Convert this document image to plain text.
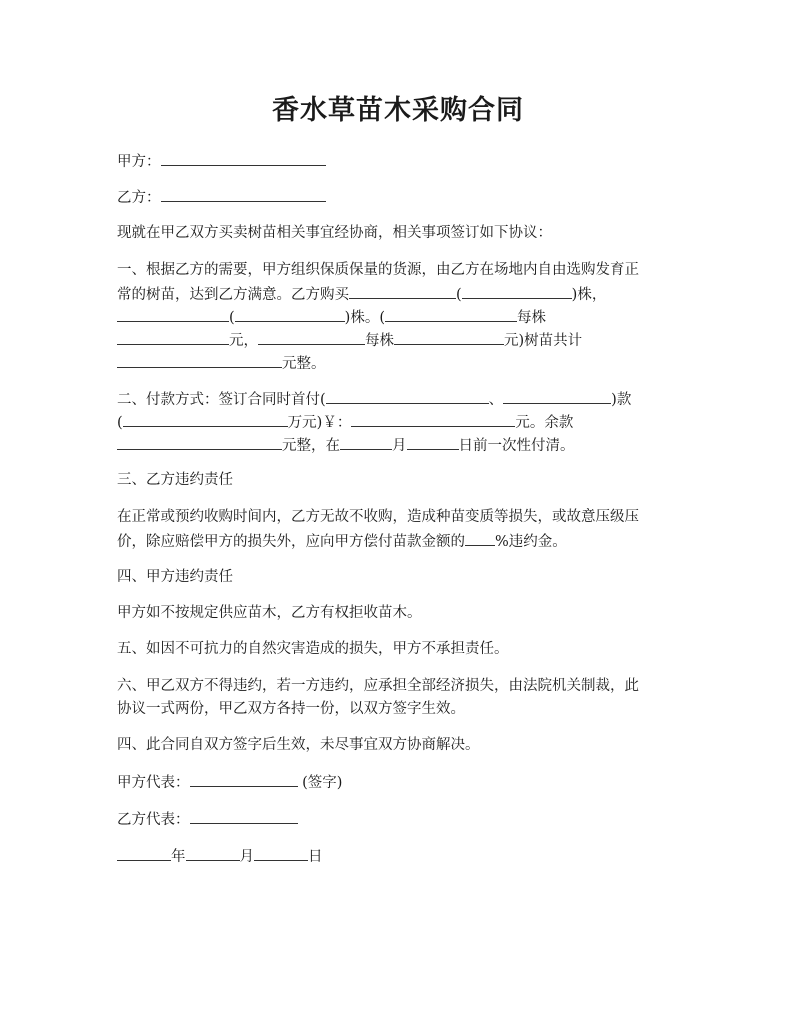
香水草苗木采购合同
甲方：
乙方：
现就在甲乙双方买卖树苗相关事宜经协商，相关事项签订如下协议：
一、根据乙方的需要，甲方组织保质保量的货源，由乙方在场地内自由选购发育正
常的树苗，达到乙方满意。乙方购买	(	)株，
(	)株。(	每株
元，	每株	元)树苗共计
元整。
二、付款方式：签订合同时首付(	、	)款
(	万元)￥：	元。余款
元整，在	月	日前一次性付清。
三、乙方违约责任
在正常或预约收购时间内，乙方无故不收购，造成种苗变质等损失，或故意压级压
价，除应赔偿甲方的损失外，应向甲方偿付苗款金额的 %违约金。
四、甲方违约责任
甲方如不按规定供应苗木，乙方有权拒收苗木。
五、如因不可抗力的自然灾害造成的损失，甲方不承担责任。
六、甲乙双方不得违约，若一方违约，应承担全部经济损失，由法院机关制裁，此
协议一式两份，甲乙双方各持一份，以双方签字生效。
四、此合同自双方签字后生效，未尽事宜双方协商解决。
甲方代表：	(签字)
乙方代表：
年	月	日
